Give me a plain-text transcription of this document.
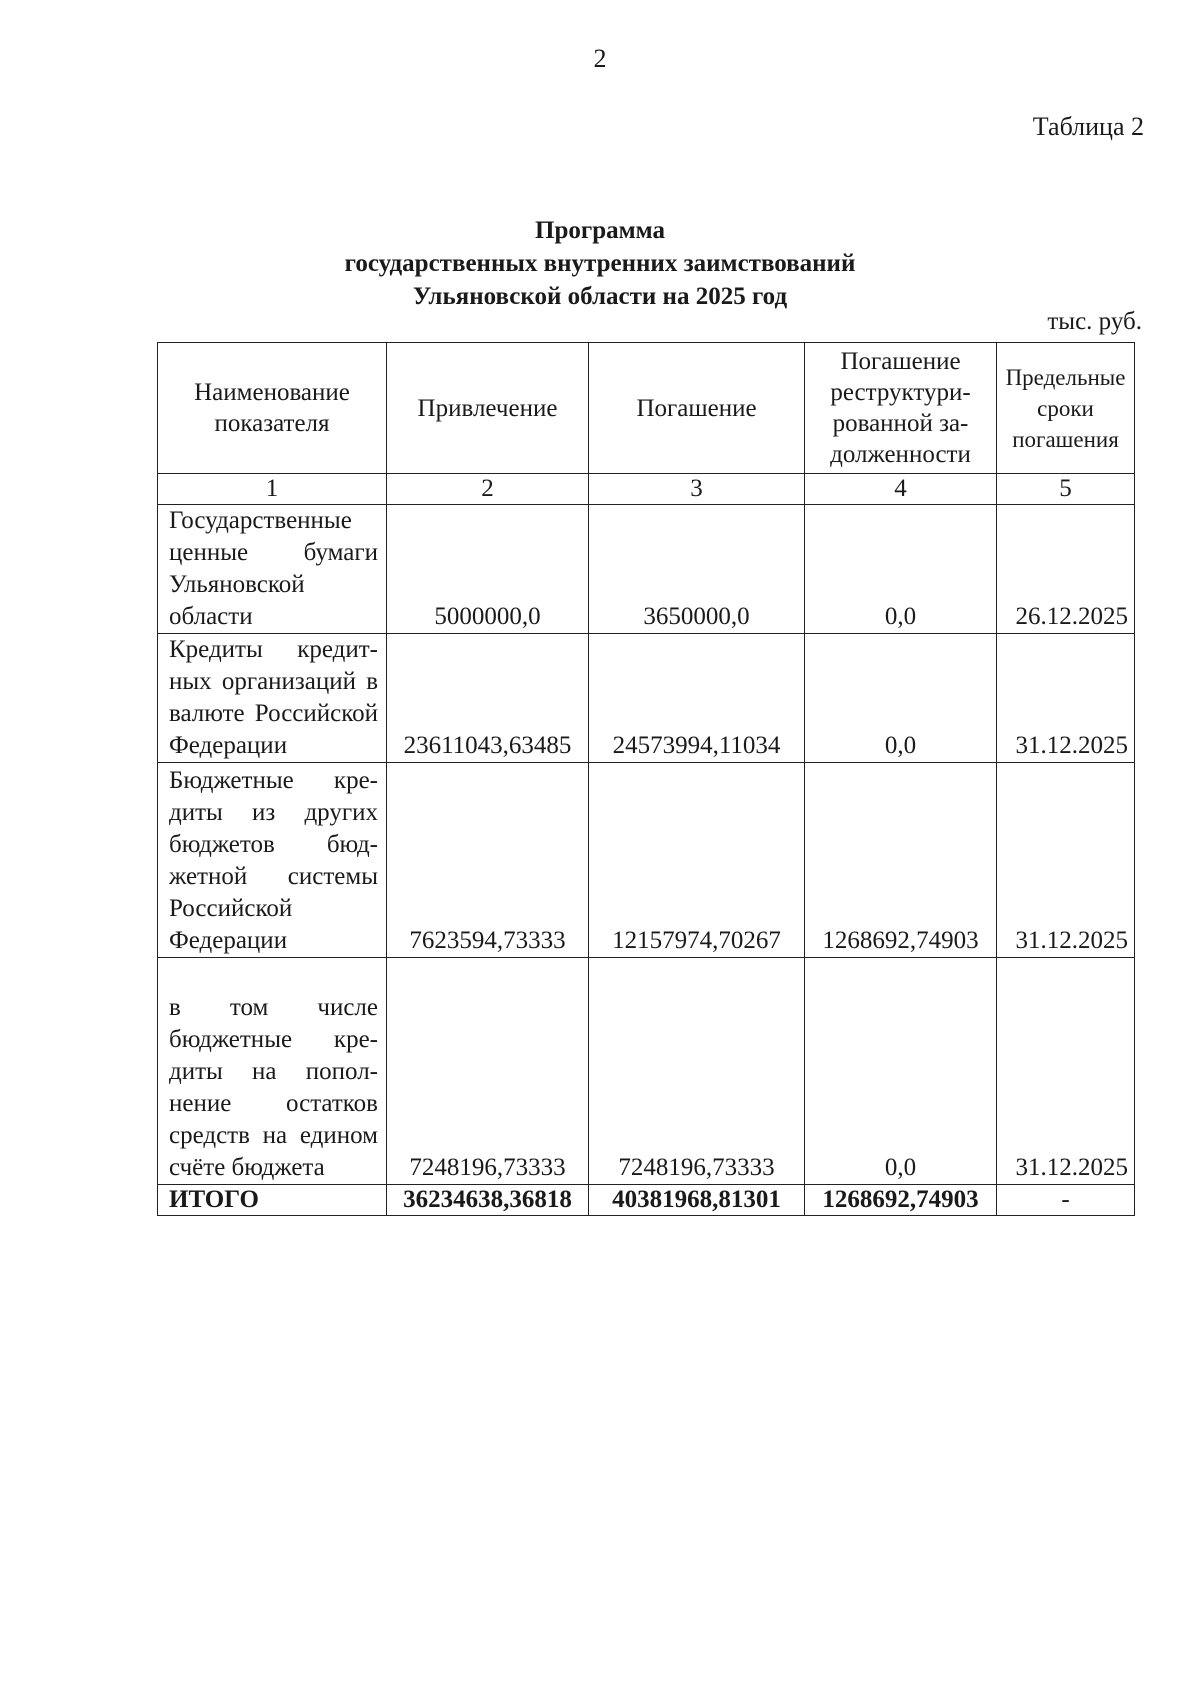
2
Таблица 2
Программа
государственных внутренних заимствований
Ульяновской области на 2025 год
тыс. руб.
Наименование показателя	Привлечение	Погашение	Погашение реструктурированной задолженности	Предельные сроки погашения
1	2	3	4	5
Государственные ценные бумаги Ульяновской области	5000000,0	3650000,0	0,0	26.12.2025
Кредиты кредитных организаций в валюте Российской Федерации	23611043,63485	24573994,11034	0,0	31.12.2025
Бюджетные кредиты из других бюджетов бюджетной системы Российской Федерации	7623594,73333	12157974,70267	1268692,74903	31.12.2025
в том числе бюджетные кредиты на пополнение остатков средств на едином счёте бюджета	7248196,73333	7248196,73333	0,0	31.12.2025
ИТОГО	36234638,36818	40381968,81301	1268692,74903	-
